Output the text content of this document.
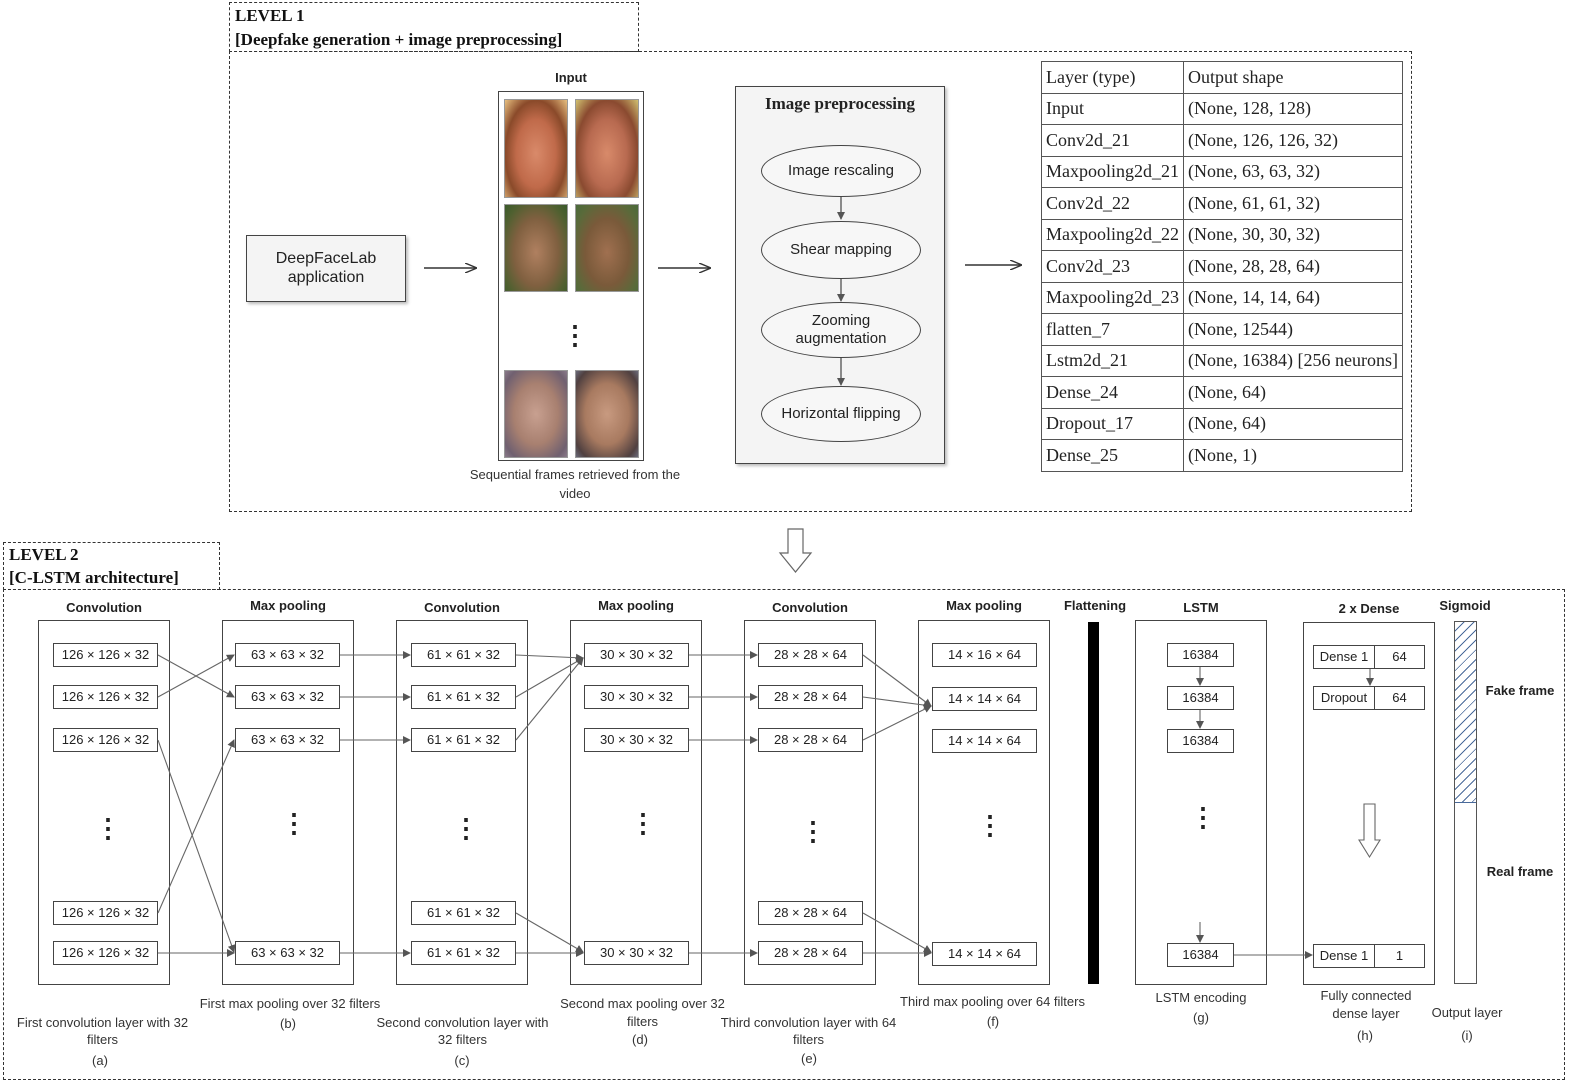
LEVEL 1
[Deepfake generation + image preprocessing]
DeepFaceLab
application
Input
⋮
Sequential frames retrieved from the
video
Image preprocessing
Image rescaling
Shear mapping
Zooming augmentation
Horizontal flipping
Layer (type)	Output shape
Input	(None, 128, 128)
Conv2d_21	(None, 126, 126, 32)
Maxpooling2d_21	(None, 63, 63, 32)
Conv2d_22	(None, 61, 61, 32)
Maxpooling2d_22	(None, 30, 30, 32)
Conv2d_23	(None, 28, 28, 64)
Maxpooling2d_23	(None, 14, 14, 64)
flatten_7	(None, 12544)
Lstm2d_21	(None, 16384) [256 neurons]
Dense_24	(None, 64)
Dropout_17	(None, 64)
Dense_25	(None, 1)
LEVEL 2
[C-LSTM architecture]
Convolution
126 × 126 × 32
126 × 126 × 32
126 × 126 × 32
126 × 126 × 32
126 × 126 × 32
⋮
First convolution layer with 32
filters
(a)
Max pooling
63 × 63 × 32
63 × 63 × 32
63 × 63 × 32
63 × 63 × 32
⋮
First max pooling over 32 filters
(b)
Convolution
61 × 61 × 32
61 × 61 × 32
61 × 61 × 32
61 × 61 × 32
61 × 61 × 32
⋮
Second convolution layer with
32 filters
(c)
Max pooling
30 × 30 × 32
30 × 30 × 32
30 × 30 × 32
30 × 30 × 32
⋮
Second max pooling over 32
filters
(d)
Convolution
28 × 28 × 64
28 × 28 × 64
28 × 28 × 64
28 × 28 × 64
28 × 28 × 64
⋮
Third convolution layer with 64
filters
(e)
Max pooling
14 × 16 × 64
14 × 14 × 64
14 × 14 × 64
14 × 14 × 64
⋮
Third max pooling over 64 filters
(f)
Flattening	LSTM
16384
16384
16384
16384
⋮
LSTM encoding
(g)
2 x Dense
Dense 1	64
Dropout	64
Dense 1	1
Fully connected
dense layer
(h)
Sigmoid
Fake frame
Real frame
Output layer
(i)
